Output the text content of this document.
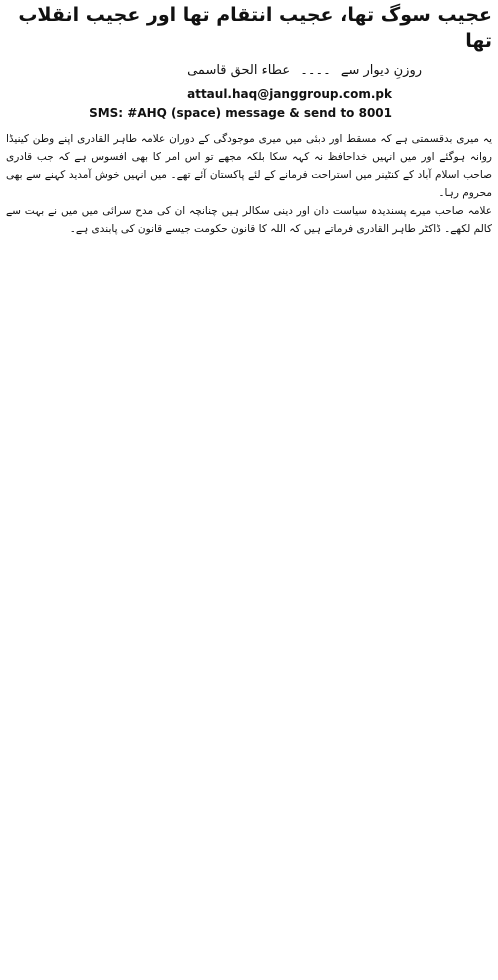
عجیب سوگ تھا، عجیب انتقام تھا اور عجیب انقلاب تھا
روزنِ دیوار سے ۔۔۔۔ عطاء الحق قاسمی
attaul.haq@janggroup.com.pk
SMS: #AHQ (space) message & send to 8001

یہ میری بدقسمتی ہے کہ مسقط اور دبئی میں میری موجودگی کے دوران علامہ طاہر القادری اپنے وطن کینیڈا روانہ ہوگئے اور میں انہیں خداحافظ نہ کہہ سکا بلکہ مجھے تو اس امر کا بھی افسوس ہے کہ جب قادری صاحب اسلام آباد کے کنٹینر میں استراحت فرمانے کے لئے پاکستان آئے تھے۔ میں انہیں خوش آمدید کہنے سے بھی محروم رہا۔

علامہ صاحب میرے پسندیدہ سیاست دان اور دینی سکالر ہیں چنانچہ ان کی مدح سرائی میں میں نے بہت سے کالم لکھے۔ ڈاکٹر طاہر القادری فرماتے ہیں کہ اللہ کا قانون حکومت جیسے قانون کی پابندی ہے۔
